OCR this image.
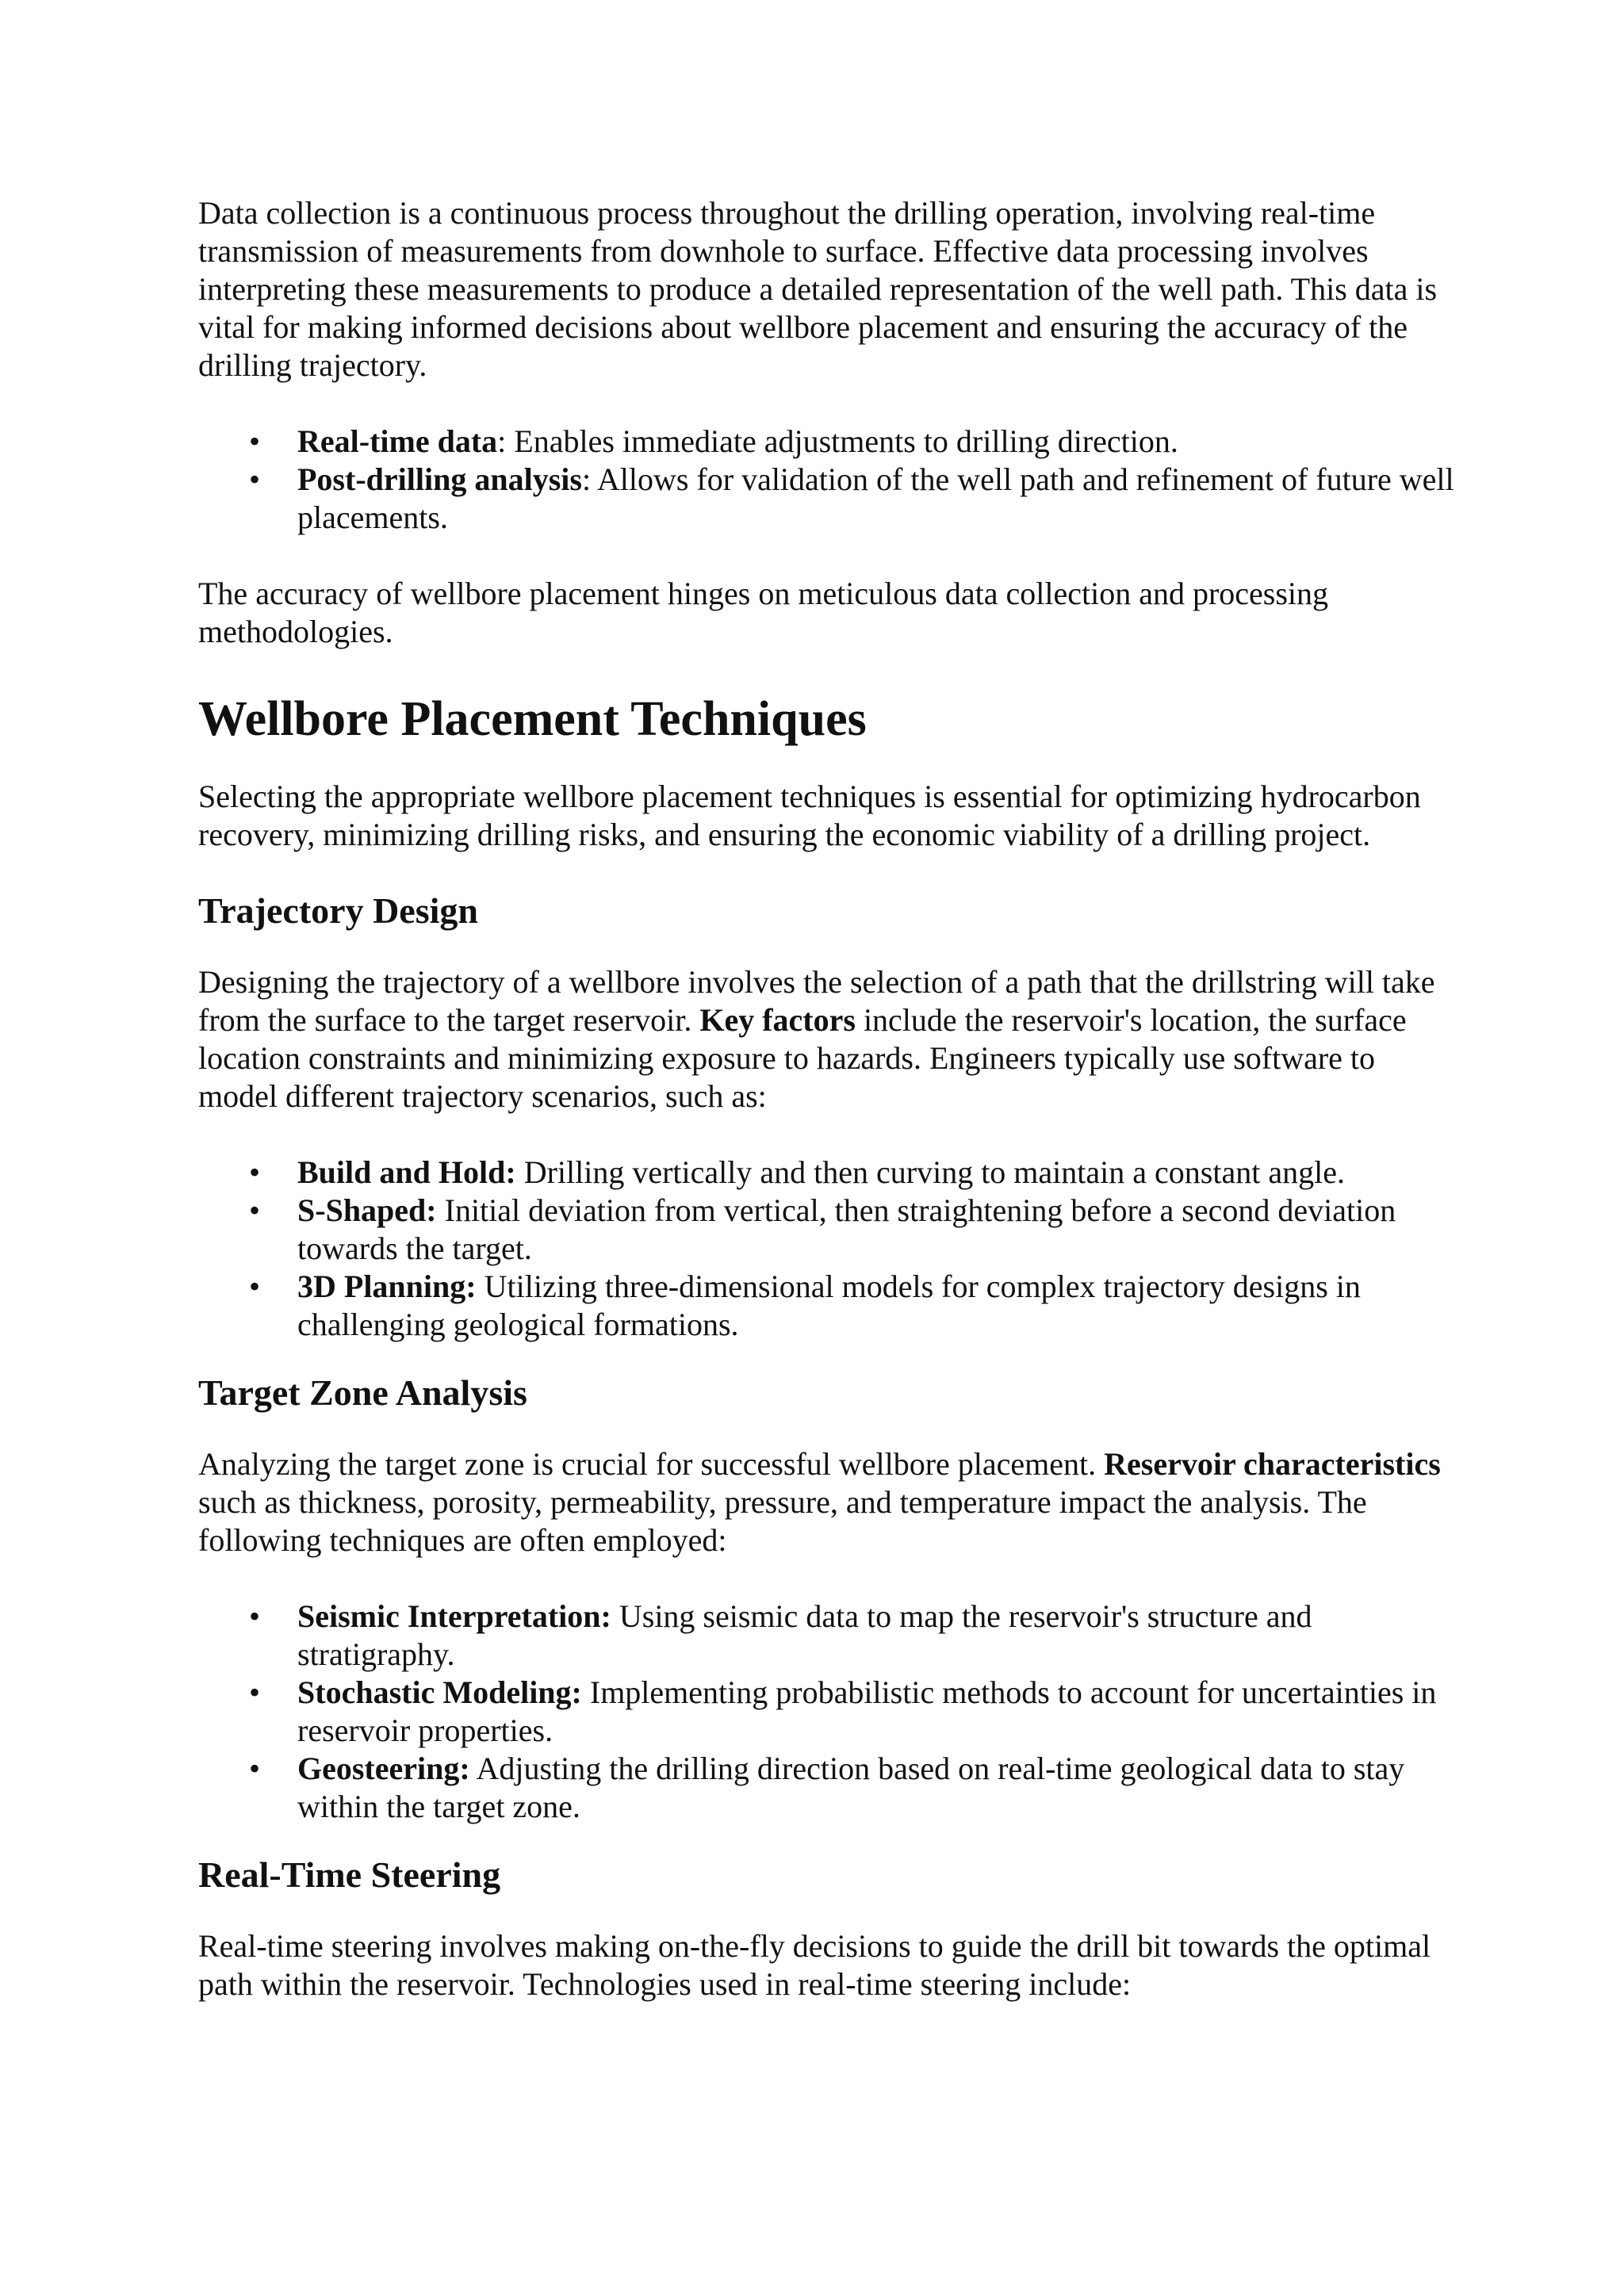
Data collection is a continuous process throughout the drilling operation, involving real-time transmission of measurements from downhole to surface. Effective data processing involves interpreting these measurements to produce a detailed representation of the well path. This data is vital for making informed decisions about wellbore placement and ensuring the accuracy of the drilling trajectory.

• Real-time data: Enables immediate adjustments to drilling direction.
• Post-drilling analysis: Allows for validation of the well path and refinement of future well placements.

The accuracy of wellbore placement hinges on meticulous data collection and processing methodologies.

Wellbore Placement Techniques

Selecting the appropriate wellbore placement techniques is essential for optimizing hydrocarbon recovery, minimizing drilling risks, and ensuring the economic viability of a drilling project.

Trajectory Design

Designing the trajectory of a wellbore involves the selection of a path that the drillstring will take from the surface to the target reservoir. Key factors include the reservoir's location, the surface location constraints and minimizing exposure to hazards. Engineers typically use software to model different trajectory scenarios, such as:

• Build and Hold: Drilling vertically and then curving to maintain a constant angle.
• S-Shaped: Initial deviation from vertical, then straightening before a second deviation towards the target.
• 3D Planning: Utilizing three-dimensional models for complex trajectory designs in challenging geological formations.
Target Zone Analysis

Analyzing the target zone is crucial for successful wellbore placement. Reservoir characteristics such as thickness, porosity, permeability, pressure, and temperature impact the analysis. The following techniques are often employed:

• Seismic Interpretation: Using seismic data to map the reservoir's structure and stratigraphy.
• Stochastic Modeling: Implementing probabilistic methods to account for uncertainties in reservoir properties.
• Geosteering: Adjusting the drilling direction based on real-time geological data to stay within the target zone.
Real-Time Steering

Real-time steering involves making on-the-fly decisions to guide the drill bit towards the optimal path within the reservoir. Technologies used in real-time steering include:
